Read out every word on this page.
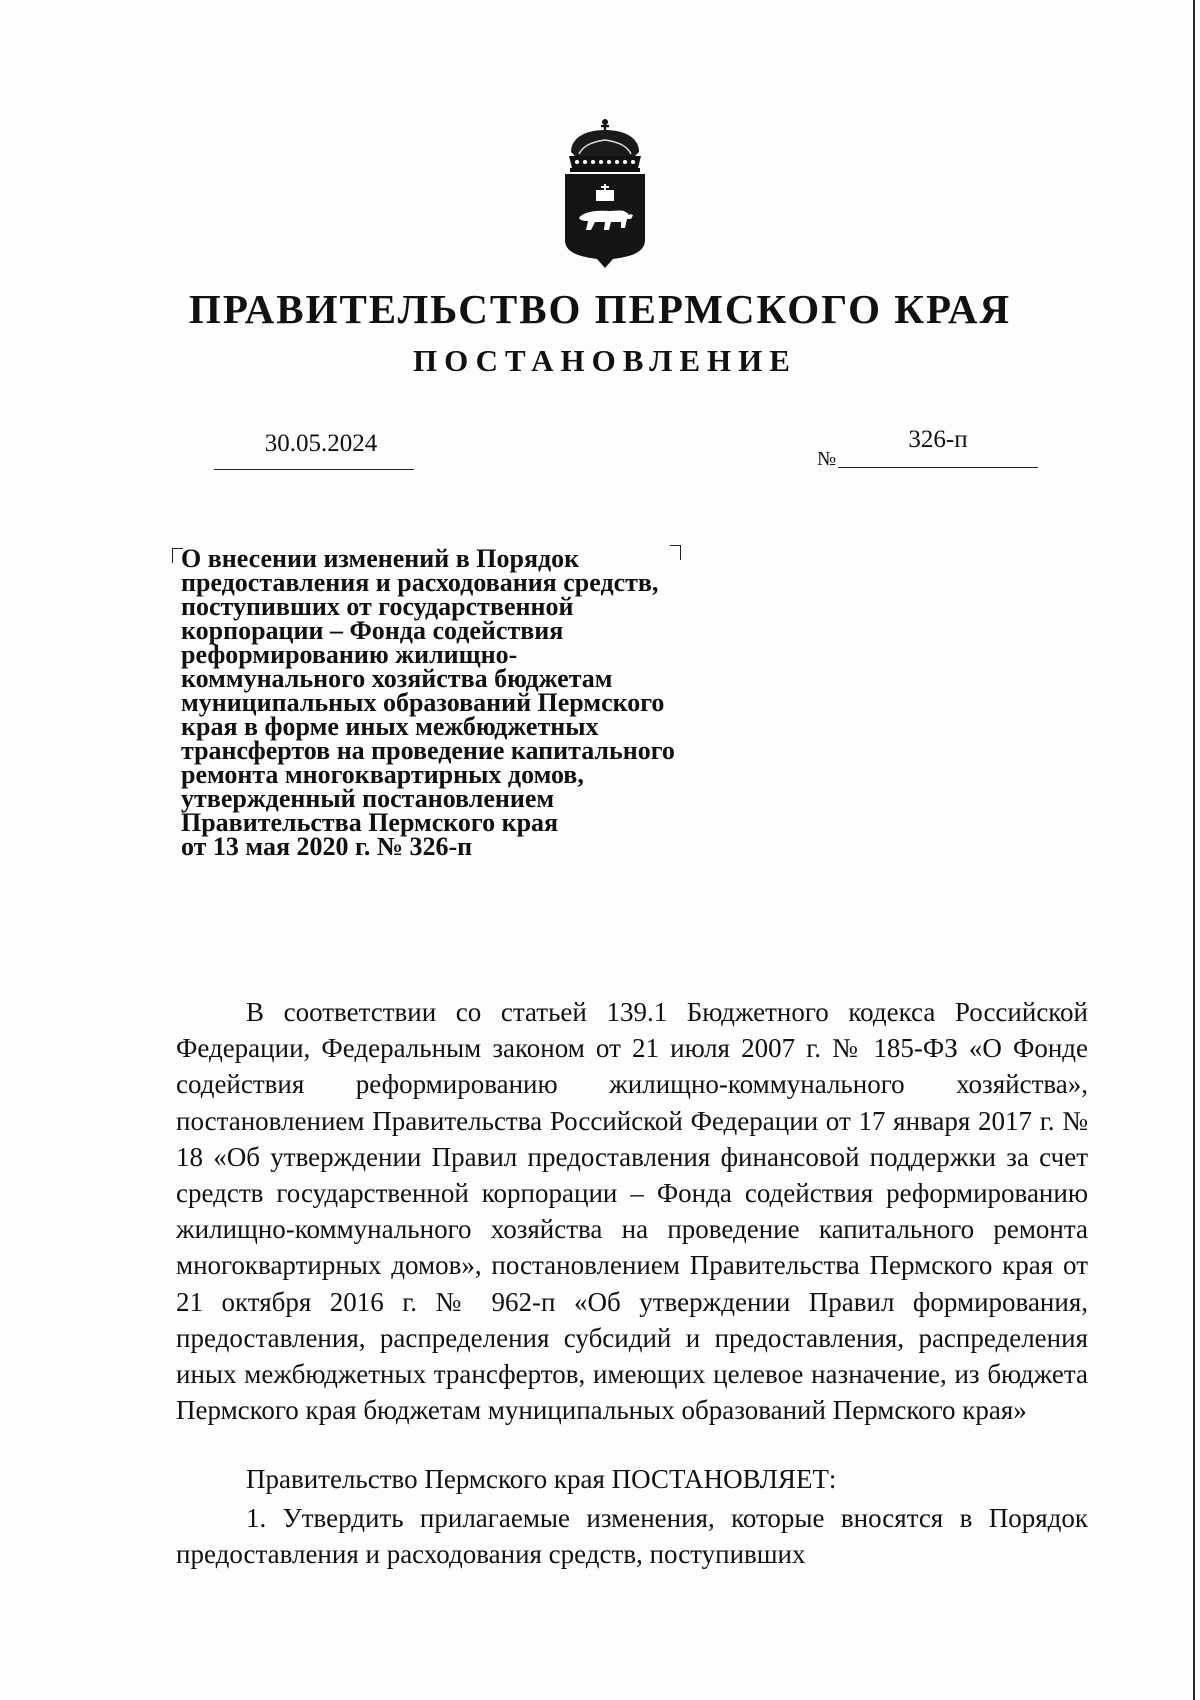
ПРАВИТЕЛЬСТВО ПЕРМСКОГО КРАЯ
ПОСТАНОВЛЕНИЕ
30.05.2024
№
326-п
О внесении изменений в Порядок
предоставления и расходования средств,
поступивших от государственной
корпорации – Фонда содействия
реформированию жилищно-
коммунального хозяйства бюджетам
муниципальных образований Пермского
края в форме иных межбюджетных
трансфертов на проведение капитального
ремонта многоквартирных домов,
утвержденный постановлением
Правительства Пермского края
от 13 мая 2020 г. № 326-п

В соответствии со статьей 139.1 Бюджетного кодекса Российской Федерации, Федеральным законом от 21 июля 2007 г. № 185-ФЗ «О Фонде содействия реформированию жилищно-коммунального хозяйства», постановлением Правительства Российской Федерации от 17 января 2017 г. № 18 «Об утверждении Правил предоставления финансовой поддержки за счет средств государственной корпорации – Фонда содействия реформированию жилищно-коммунального хозяйства на проведение капитального ремонта многоквартирных домов», постановлением Правительства Пермского края от 21 октября 2016 г. № 962-п «Об утверждении Правил формирования, предоставления, распределения субсидий и предоставления, распределения иных межбюджетных трансфертов, имеющих целевое назначение, из бюджета Пермского края бюджетам муниципальных образований Пермского края»

Правительство Пермского края ПОСТАНОВЛЯЕТ:

1. Утвердить прилагаемые изменения, которые вносятся в Порядок предоставления и расходования средств, поступивших
